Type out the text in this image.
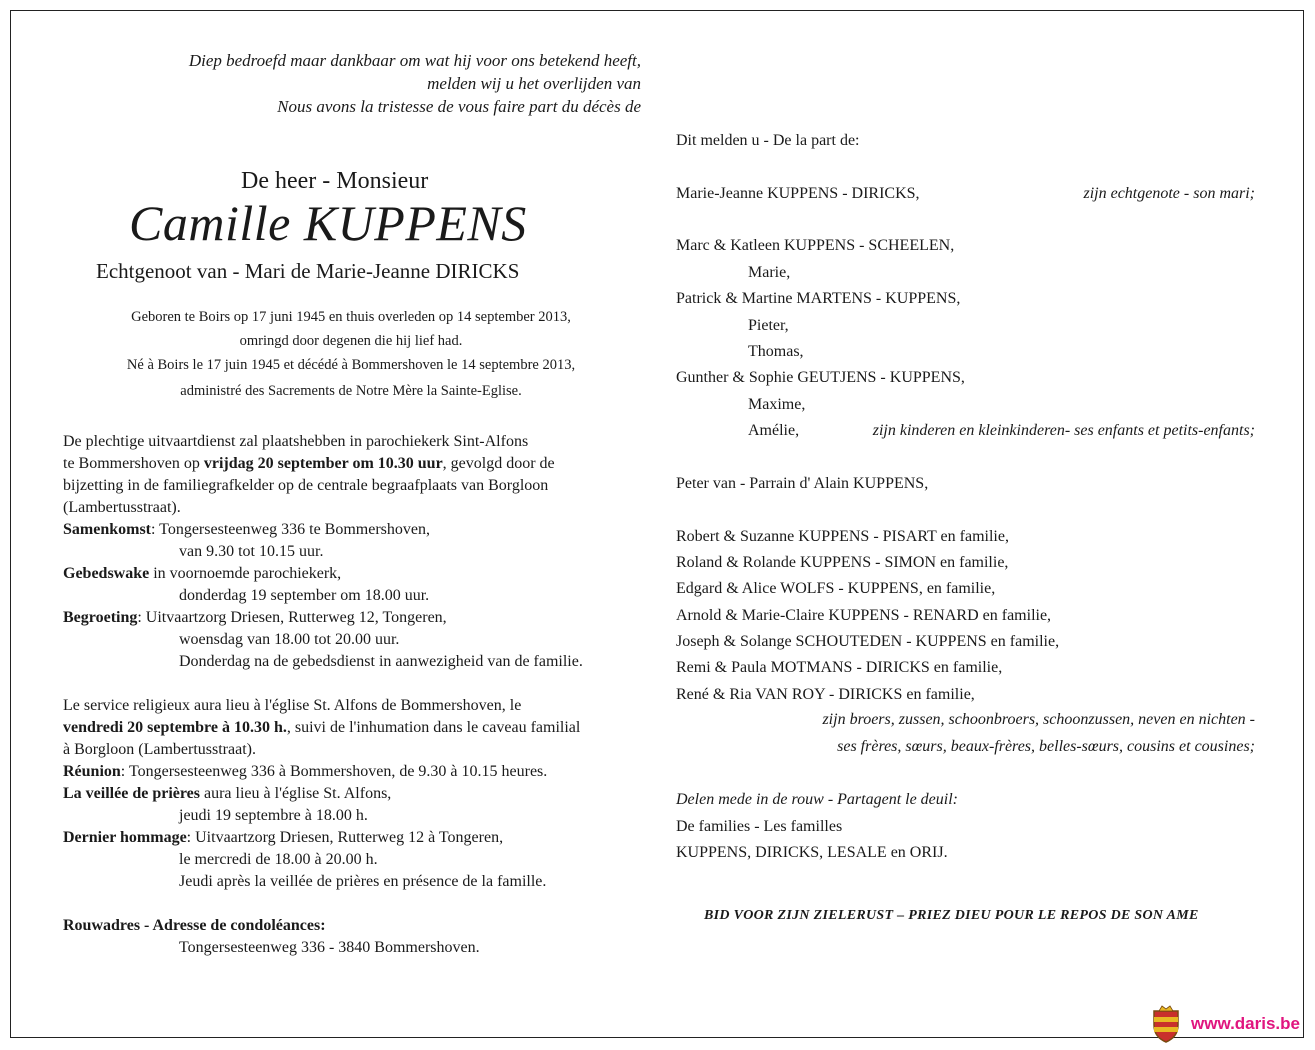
Diep bedroefd maar dankbaar om wat hij voor ons betekend heeft,
melden wij u het overlijden van
Nous avons la tristesse de vous faire part du décès de
De heer - Monsieur
Camille KUPPENS
Echtgenoot van - Mari de Marie-Jeanne DIRICKS
Geboren te Boirs op 17 juni 1945 en thuis overleden op 14 september 2013,
omringd door degenen die hij lief had.
Né à Boirs le 17 juin 1945 et décédé à Bommershoven le 14 septembre 2013,
administré des Sacrements de Notre Mère la Sainte-Eglise.
De plechtige uitvaartdienst zal plaatshebben in parochiekerk Sint-Alfons
te Bommershoven op vrijdag 20 september om 10.30 uur, gevolgd door de
bijzetting in de familiegrafkelder op de centrale begraafplaats van Borgloon
(Lambertusstraat).
Samenkomst: Tongersesteenweg 336 te Bommershoven,
van 9.30 tot 10.15 uur.
Gebedswake in voornoemde parochiekerk,
donderdag 19 september om 18.00 uur.
Begroeting: Uitvaartzorg Driesen, Rutterweg 12, Tongeren,
woensdag van 18.00 tot 20.00 uur.
Donderdag na de gebedsdienst in aanwezigheid van de familie.
Le service religieux aura lieu à l'église St. Alfons de Bommershoven, le
vendredi 20 septembre à 10.30 h., suivi de l'inhumation dans le caveau familial
à Borgloon (Lambertusstraat).
Réunion: Tongersesteenweg 336 à Bommershoven, de 9.30 à 10.15 heures.
La veillée de prières aura lieu à l'église St. Alfons,
jeudi 19 septembre à 18.00 h.
Dernier hommage: Uitvaartzorg Driesen, Rutterweg 12 à Tongeren,
le mercredi de 18.00 à 20.00 h.
Jeudi après la veillée de prières en présence de la famille.
Rouwadres - Adresse de condoléances:
Tongersesteenweg 336 - 3840 Bommershoven.
Dit melden u - De la part de:
Marie-Jeanne KUPPENS - DIRICKS,	zijn echtgenote - son mari;
Marc & Katleen KUPPENS - SCHEELEN,
Marie,
Patrick & Martine MARTENS - KUPPENS,
Pieter,
Thomas,
Gunther & Sophie GEUTJENS - KUPPENS,
Maxime,
Amélie,	zijn kinderen en kleinkinderen- ses enfants et petits-enfants;
Peter van - Parrain d' Alain KUPPENS,
Robert & Suzanne KUPPENS - PISART en familie,
Roland & Rolande KUPPENS - SIMON en familie,
Edgard & Alice WOLFS - KUPPENS, en familie,
Arnold & Marie-Claire KUPPENS - RENARD en familie,
Joseph & Solange SCHOUTEDEN - KUPPENS en familie,
Remi & Paula MOTMANS - DIRICKS en familie,
René & Ria VAN ROY - DIRICKS en familie,
zijn broers, zussen, schoonbroers, schoonzussen, neven en nichten -
ses frères, sœurs, beaux-frères, belles-sœurs, cousins et cousines;
Delen mede in de rouw - Partagent le deuil:
De families - Les familles
KUPPENS, DIRICKS, LESALE en ORIJ.
BID VOOR ZIJN ZIELERUST – PRIEZ DIEU POUR LE REPOS DE SON AME
www.daris.be
